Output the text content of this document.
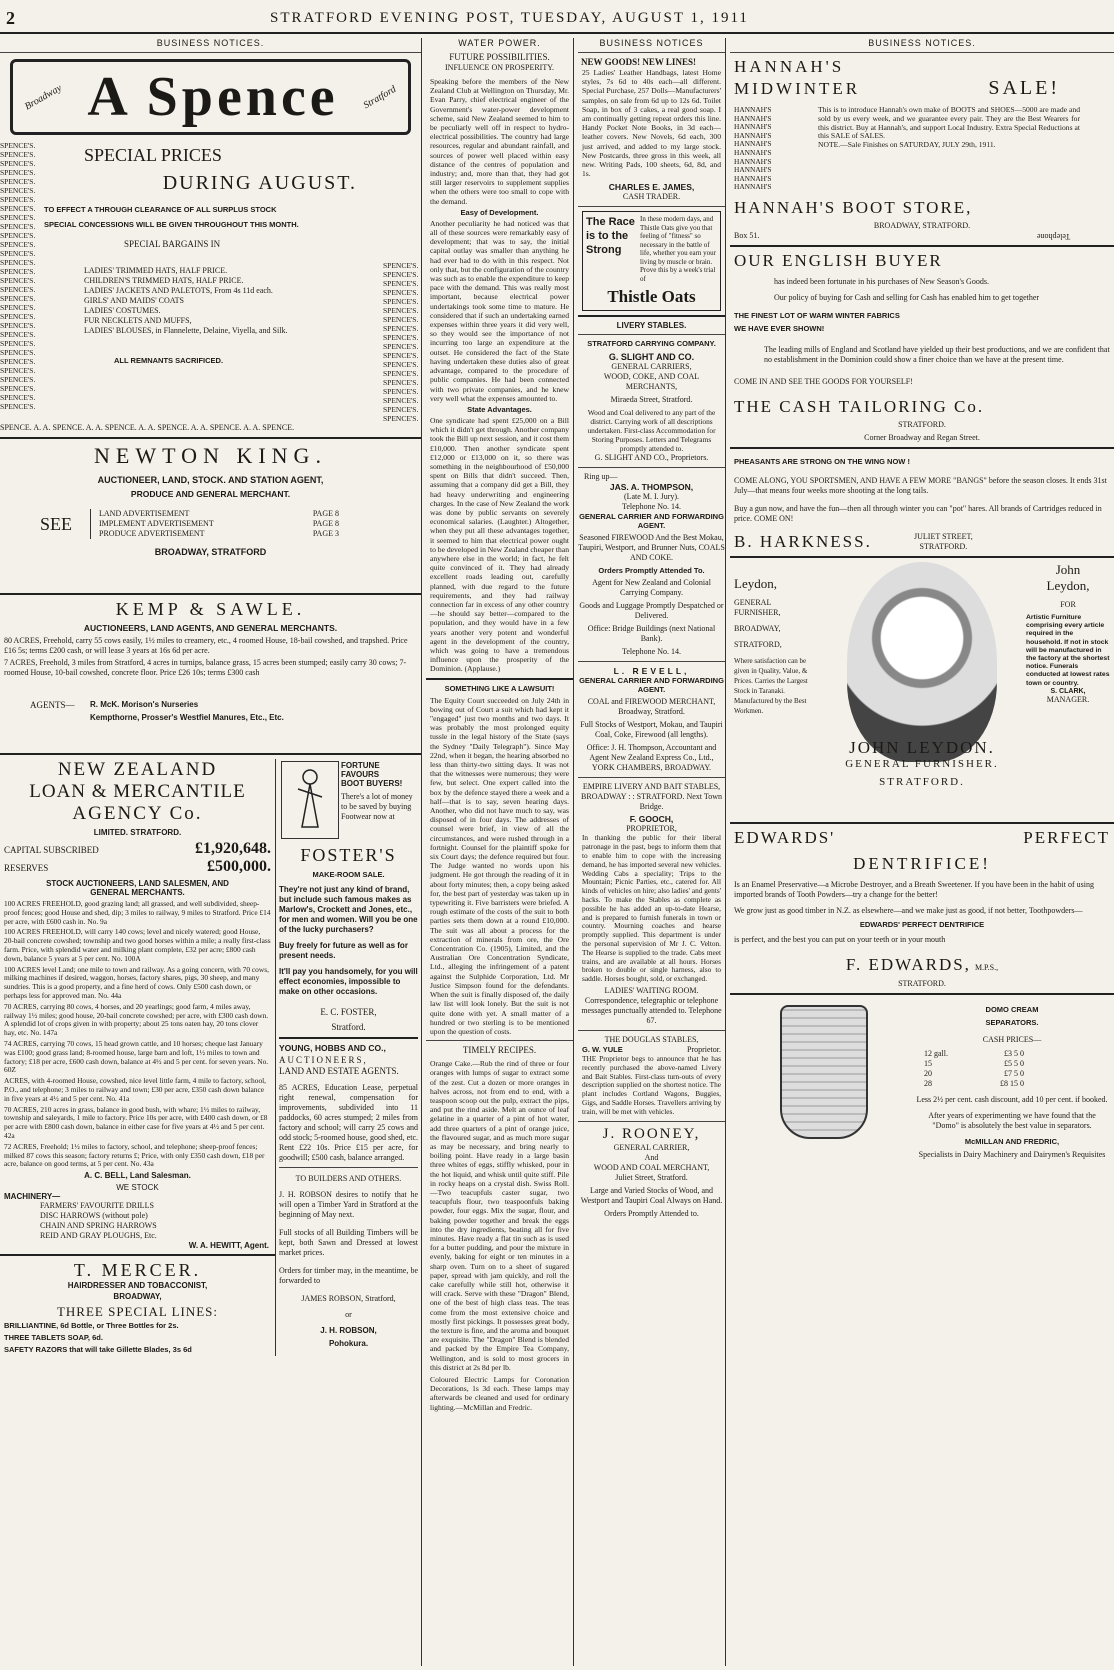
2	STRATFORD EVENING POST, TUESDAY, AUGUST 1, 1911
BUSINESS NOTICES.
Broadway A Spence Stratford
SPENCE'S.
SPENCE'S.
SPENCE'S.
SPENCE'S.
SPENCE'S.
SPENCE'S.
SPENCE'S.
SPENCE'S.
SPENCE'S.
SPENCE'S.
SPENCE'S.
SPENCE'S.
SPENCE'S.
SPENCE'S.
SPENCE'S.
SPENCE'S.
SPENCE'S.
SPENCE'S.
SPENCE'S.
SPENCE'S.
SPENCE'S.
SPENCE'S.
SPENCE'S.
SPENCE'S.
SPENCE'S.
SPENCE'S.
SPENCE'S.
SPENCE'S.
SPENCE'S.
SPENCE'S.
SPECIAL PRICES
DURING AUGUST.
TO EFFECT A THROUGH CLEARANCE OF ALL SURPLUS STOCK
SPECIAL CONCESSIONS WILL BE GIVEN THROUGHOUT THIS MONTH.
SPECIAL BARGAINS IN
LADIES' TRIMMED HATS, HALF PRICE.
CHILDREN'S TRIMMED HATS, HALF PRICE.
LADIES' JACKETS AND PALETOTS, From 4s 11d each.
GIRLS' AND MAIDS' COATS
LADIES' COSTUMES.
FUR NECKLETS AND MUFFS,
LADIES' BLOUSES, in Flannelette, Delaine, Viyella, and Silk.
ALL REMNANTS SACRIFICED.
SPENCE'S.
SPENCE'S.
SPENCE'S.
SPENCE'S.
SPENCE'S.
SPENCE'S.
SPENCE'S.
SPENCE'S.
SPENCE'S.
SPENCE'S.
SPENCE'S.
SPENCE'S.
SPENCE'S.
SPENCE'S.
SPENCE'S.
SPENCE'S.
SPENCE'S.
SPENCE'S.
SPENCE. A. A. SPENCE. A. A. SPENCE. A. A. SPENCE. A. A. SPENCE. A. A. SPENCE.
NEWTON KING.
AUCTIONEER, LAND, STOCK. AND STATION AGENT,
PRODUCE AND GENERAL MERCHANT.
SEE	LAND ADVERTISEMENT	PAGE 8
IMPLEMENT ADVERTISEMENT	PAGE 8
PRODUCE ADVERTISEMENT	PAGE 3
BROADWAY, STRATFORD
KEMP & SAWLE.
AUCTIONEERS, LAND AGENTS, AND GENERAL MERCHANTS.
80 ACRES, Freehold, carry 55 cows easily, 1½ miles to creamery, etc., 4 roomed House, 18-bail cowshed, and trapshed. Price £16 5s; terms £200 cash, or will lease 3 years at 16s 6d per acre.
7 ACRES, Freehold, 3 miles from Stratford, 4 acres in turnips, balance grass, 15 acres been stumped; easily carry 30 cows; 7-roomed House, 10-bail cowshed, concrete floor. Price £26 10s; terms £300 cash
AGENTS—	R. McK. Morison's Nurseries
Kempthorne, Prosser's Westfiel Manures, Etc., Etc.
NEW ZEALAND
LOAN & MERCANTILE
AGENCY Co.
LIMITED. STRATFORD.
CAPITAL SUBSCRIBED	£1,920,648.
RESERVES	£500,000.
STOCK AUCTIONEERS, LAND SALESMEN, AND
GENERAL MERCHANTS.
100 ACRES FREEHOLD, good grazing land; all grassed, and well subdivided, sheep-proof fences; good House and shed, dip; 3 miles to railway, 9 miles to Stratford. Price £14 per acre, with £600 cash in. No. 9a
100 ACRES FREEHOLD, will carry 140 cows; level and nicely watered; good House, 20-bail concrete cowshed; township and two good horses within a mile; a really first-class farm. Price, with splendid water and milking plant complete, £32 per acre; £800 cash down, balance 5 years at 5 per cent. No. 100A
100 ACRES level Land; one mile to town and railway. As a going concern, with 70 cows, milking machines if desired, waggon, horses, factory shares, pigs, 30 sheep, and many sundries. This is a good property, and a fine herd of cows. Only £500 cash down, or perhaps less for approved man. No. 44a
70 ACRES, carrying 80 cows, 4 horses, and 20 yearlings; good farm, 4 miles away, railway 1½ miles; good house, 20-bail concrete cowshed; per acre, with £300 cash down. A splendid lot of crops given in with property; about 25 tons oaten hay, 20 tons clover hay, etc. No. 147a
74 ACRES, carrying 70 cows, 15 head grown cattle, and 10 horses; cheque last January was £100; good grass land; 8-roomed house, large barn and loft, 1½ miles to town and factory; £18 per acre, £600 cash down, balance at 4½ and 5 per cent. for seven years. No. 60Z
ACRES, with 4-roomed House, cowshed, nice level little farm, 4 mile to factory, school, P.O., and telephone; 3 miles to railway and town; £30 per acre, £350 cash down balance in five years at 4½ and 5 per cent. No. 41a
70 ACRES, 210 acres in grass, balance in good bush, with whare; 1½ miles to railway, township and saleyards, 1 mile to factory. Price 10s per acre, with £400 cash down, or £8 per acre with £800 cash down, balance in either case for five years at 4½ and 5 per cent. 42a
72 ACRES, Freehold; 1½ miles to factory, school, and telephone; sheep-proof fences; milked 87 cows this season; factory returns £; Price, with only £350 cash down, £18 per acre, balance on good terms, at 5 per cent. No. 43a
A. C. BELL, Land Salesman.
WE STOCK
MACHINERY—
FARMERS' FAVOURITE DRILLS
DISC HARROWS (without pole)
CHAIN AND SPRING HARROWS
REID AND GRAY PLOUGHS, Etc.
W. A. HEWITT, Agent.
T. MERCER.
HAIRDRESSER AND TOBACCONIST,
BROADWAY,
THREE SPECIAL LINES:
BRILLIANTINE, 6d Bottle, or Three Bottles for 2s.
THREE TABLETS SOAP, 6d.
SAFETY RAZORS that will take Gillette Blades, 3s 6d
FORTUNE
FAVOURS
BOOT BUYERS!
There's a lot of money to be saved by buying Footwear now at
FOSTER'S
MAKE-ROOM SALE.
They're not just any kind of brand, but include such famous makes as Marlow's, Crockett and Jones, etc., for men and women. Will you be one of the lucky purchasers?
Buy freely for future as well as for present needs.
It'll pay you handsomely, for you will effect economies, impossible to make on other occasions.
E. C. FOSTER,
Stratford.
YOUNG, HOBBS AND CO.,
AUCTIONEERS,
LAND AND ESTATE AGENTS.
85 ACRES, Education Lease, perpetual right renewal, compensation for improvements, subdivided into 11 paddocks, 60 acres stumped; 2 miles from factory and school; will carry 25 cows and odd stock; 5-roomed house, good shed, etc. Rent £22 10s. Price £15 per acre, for goodwill; £500 cash, balance arranged.
TO BUILDERS AND OTHERS.
J. H. ROBSON desires to notify that he will open a Timber Yard in Stratford at the beginning of May next.
Full stocks of all Building Timbers will be kept, both Sawn and Dressed at lowest market prices.
Orders for timber may, in the meantime, be forwarded to
JAMES ROBSON, Stratford,
or
J. H. ROBSON,
Pohokura.
WATER POWER.
FUTURE POSSIBILITIES.
INFLUENCE ON PROSPERITY.
Speaking before the members of the New Zealand Club at Wellington on Thursday, Mr. Evan Parry, chief electrical engineer of the Government's water-power development scheme, said New Zealand seemed to him to be peculiarly well off in respect to hydro-electrical possibilities. The country had large resources, regular and abundant rainfall, and sources of power well placed within easy distance of the centres of population and industry; and, more than that, they had got still larger reservoirs to supplement supplies when the others were too small to cope with the demand.
Easy of Development.
Another peculiarity he had noticed was that all of these sources were remarkably easy of development; that was to say, the initial capital outlay was smaller than anything he had ever had to do with in this respect. Not only that, but the configuration of the country was such as to enable the expenditure to keep pace with the demand. This was really most important, because electrical power undertakings took some time to mature. He considered that if such an undertaking earned expenses within three years it did very well, so they would see the importance of not incurring too large an expenditure at the outset. He considered the fact of the State having undertaken these duties also of great advantage, compared to the procedure of public companies. He had been connected with two private companies, and he knew very well what the expenses amounted to.
State Advantages.
One syndicate had spent £25,000 on a Bill which it didn't get through. Another company took the Bill up next session, and it cost them £10,000. Then another syndicate spent £12,000 or £13,000 on it, so there was something in the neighbourhood of £50,000 spent on Bills that didn't succeed. Then, assuming that a company did get a Bill, they had heavy underwriting and engineering charges. In the case of New Zealand the work was done by public servants on severely economical salaries. (Laughter.) Altogether, when they put all these advantages together, it seemed to him that electrical power ought to be developed in New Zealand cheaper than anywhere else in the world; in fact, he felt quite convinced of it. They had already excellent roads leading out, carefully planned, with due regard to the future requirements, and they had railway connection far in excess of any other country—he should say better—compared to the population, and they would have in a few years another very potent and wonderful agent in the development of the country, which was going to have a tremendous influence upon the prosperity of the Dominion. (Applause.)
SOMETHING LIKE A LAWSUIT!
The Equity Court succeeded on July 24th in bowing out of Court a suit which had kept it "engaged" just two months and two days. It was probably the most prolonged equity tussle in the legal history of the State (says the Sydney "Daily Telegraph"). Since May 22nd, when it began, the hearing absorbed no less than thirty-two sitting days. It was not that the witnesses were numerous; they were few, but select. One expert called into the box by the defence stayed there a week and a half—that is to say, seven hearing days. Another, who did not have much to say, was disposed of in four days. The addresses of counsel were brief, in view of all the circumstances, and were rushed through in a fortnight. Counsel for the plaintiff spoke for six Court days; the defence required but four. The Judge wanted no words upon his judgment. He got through the reading of it in about forty minutes; then, a copy being asked for, the best part of yesterday was taken up in typewriting it. Five barristers were briefed. A rough estimate of the costs of the suit to both parties sets them down at a round £10,000. The suit was all about a process for the extraction of minerals from ore, the Ore Concentration Co. (1905), Limited, and the Australian Ore Concentration Syndicate, Ltd., alleging the infringement of a patent against the Sulphide Corporation, Ltd. Mr Justice Simpson found for the defendants. When the suit is finally disposed of, the daily law list will look lonely. But the suit is not quite done with yet. A small matter of a hundred or two sterling is to be mentioned upon the question of costs.
TIMELY RECIPES.
Orange Cake.—Rub the rind of three or four oranges with lumps of sugar to extract some of the zest. Cut a dozen or more oranges in halves across, not from end to end, with a teaspoon scoop out the pulp, extract the pips, and put the rind aside. Melt an ounce of leaf gelatine in a quarter of a pint of hot water, add three quarters of a pint of orange juice, the flavoured sugar, and as much more sugar as may be necessary, and bring nearly to boiling point. Have ready in a large basin three whites of eggs, stiffly whisked, pour in the hot liquid, and whisk until quite stiff. Pile in rocky heaps on a crystal dish. Swiss Roll.—Two teacupfuls caster sugar, two teacupfuls flour, two teaspoonfuls baking powder, four eggs. Mix the sugar, flour, and baking powder together and break the eggs into the dry ingredients, beating all for five minutes. Have ready a flat tin such as is used for a butter pudding, and pour the mixture in evenly, baking for eight or ten minutes in a sharp oven. Turn on to a sheet of sugared paper, spread with jam quickly, and roll the cake carefully while still hot, otherwise it will crack. Serve with these "Dragon" Blend, one of the best of high class teas. The teas come from the most extensive choice and mostly first pickings. It possesses great body, the texture is fine, and the aroma and bouquet are exquisite. The "Dragon" Blend is blended and packed by the Empire Tea Company, Wellington, and is sold to most grocers in this district at 2s 8d per lb.
Coloured Electric Lamps for Coronation Decorations, 1s 3d each. These lamps may afterwards be cleaned and used for ordinary lighting.—McMillan and Fredric.
BUSINESS NOTICES
NEW GOODS! NEW LINES!
25 Ladies' Leather Handbags, latest Home styles, 7s 6d to 40s each—all different. Special Purchase, 257 Dolls—Manufacturers' samples, on sale from 6d up to 12s 6d. Toilet Soap, in box of 3 cakes, a real good soap. I am continually getting repeat orders this line. Handy Pocket Note Books, in 3d each—leather covers. New Novels, 6d each, 300 just arrived, and added to my large stock. New Postcards, three gross in this week, all new. Writing Pads, 100 sheets, 6d, 8d, and 1s.
CHARLES E. JAMES,
CASH TRADER.
The Race
is to the
Strong
In these modern days, and Thistle Oats give you that feeling of "fitness" so necessary in the battle of life, whether you earn your living by muscle or brain. Prove this by a week's trial of
Thistle Oats
LIVERY STABLES.
STRATFORD CARRYING COMPANY.
G. SLIGHT AND CO.
GENERAL CARRIERS,
WOOD, COKE, AND COAL MERCHANTS,
Miraeda Street, Stratford.
Wood and Coal delivered to any part of the district. Carrying work of all descriptions undertaken. First-class Accommodation for Storing Purposes. Letters and Telegrams promptly attended to.
G. SLIGHT AND CO., Proprietors.
Ring up—
JAS. A. THOMPSON,
(Late M. I. Jury).
Telephone No. 14.
GENERAL CARRIER AND FORWARDING AGENT.
Seasoned FIREWOOD And the Best Mokau, Taupiri, Westport, and Brunner Nuts, COALS AND COKE.
Orders Promptly Attended To.
Agent for New Zealand and Colonial Carrying Company.
Goods and Luggage Promptly Despatched or Delivered.
Office: Bridge Buildings (next National Bank).
Telephone No. 14.
L. REVELL,
GENERAL CARRIER AND FORWARDING AGENT.
COAL and FIREWOOD MERCHANT, Broadway, Stratford.
Full Stocks of Westport, Mokau, and Taupiri Coal, Coke, Firewood (all lengths).
Office: J. H. Thompson, Accountant and Agent New Zealand Express Co., Ltd.,
YORK CHAMBERS, BROADWAY.
EMPIRE LIVERY AND BAIT STABLES,
BROADWAY : : STRATFORD. Next Town Bridge.
F. GOOCH,
PROPRIETOR,
In thanking the public for their liberal patronage in the past, begs to inform them that to enable him to cope with the increasing demand, he has imported several new vehicles. Wedding Cabs a speciality; Trips to the Mountain; Picnic Parties, etc., catered for. All kinds of vehicles on hire; also ladies' and gents' hacks. To make the Stables as complete as possible he has added an up-to-date Hearse, and is prepared to furnish funerals in town or country. Mourning coaches and hearse promptly supplied. This department is under the personal supervision of Mr J. C. Velton. The Hearse is supplied to the trade. Cabs meet trains, and are available at all hours. Horses broken to double or single harness, also to saddle. Horses bought, sold, or exchanged.
LADIES' WAITING ROOM.
Correspondence, telegraphic or telephone messages punctually attended to. Telephone 67.
THE DOUGLAS STABLES,
G. W. YULE	Proprietor.
THE Proprietor begs to announce that he has recently purchased the above-named Livery and Bait Stables. First-class turn-outs of every description supplied on the shortest notice. The plant includes Cortland Wagons, Buggies, Gigs, and Saddle Horses. Travellers arriving by train, will be met with vehicles.
J. ROONEY,
GENERAL CARRIER,
And
WOOD AND COAL MERCHANT,
Juliet Street, Stratford.
Large and Varied Stocks of Wood, and Westport and Taupiri Coal Always on Hand.
Orders Promptly Attended to.
BUSINESS NOTICES.
HANNAH'S
MIDWINTER	SALE!
HANNAH'S
HANNAH'S
HANNAH'S
HANNAH'S
HANNAH'S
HANNAH'S
HANNAH'S
HANNAH'S
HANNAH'S
HANNAH'S
This is to introduce Hannah's own make of BOOTS and SHOES—5000 are made and sold by us every week, and we guarantee every pair. They are the Best Wearers for this district. Buy at Hannah's, and support Local Industry. Extra Special Reductions at this SALE of SALES.
NOTE.—Sale Finishes on SATURDAY, JULY 29th, 1911.
HANNAH'S BOOT STORE,
BROADWAY, STRATFORD.
Box 51.	Telephone
OUR ENGLISH BUYER
has indeed been fortunate in his purchases of New Season's Goods.
Our policy of buying for Cash and selling for Cash has enabled him to get together
THE FINEST LOT OF WARM WINTER FABRICS
WE HAVE EVER SHOWN!
The leading mills of England and Scotland have yielded up their best productions, and we are confident that no establishment in the Dominion could show a finer choice than we have at the present time.
COME IN AND SEE THE GOODS FOR YOURSELF!
THE CASH TAILORING Co.
STRATFORD.
Corner Broadway and Regan Street.
PHEASANTS ARE STRONG ON THE WING NOW !
COME ALONG, YOU SPORTSMEN, AND HAVE A FEW MORE "BANGS" before the season closes. It ends 31st July—that means four weeks more shooting at the long tails.
Buy a gun now, and have the fun—then all through winter you can "pot" hares. All brands of Cartridges reduced in price. COME ON!
B. HARKNESS.	JULIET STREET,
STRATFORD.
Leydon,
GENERAL FURNISHER,
BROADWAY,
STRATFORD,
Where satisfaction can be given in Quality, Value, & Prices. Carries the Largest Stock in Taranaki. Manufactured by the Best Workmen.
John
Leydon,
FOR
Artistic Furniture comprising every article required in the household. If not in stock will be manufactured in the factory at the shortest notice. Funerals conducted at lowest rates town or country.
S. CLARK,
MANAGER.
JOHN LEYDON.
GENERAL FURNISHER.
STRATFORD.
EDWARDS'	PERFECT
DENTRIFICE!
Is an Enamel Preservative—a Microbe Destroyer, and a Breath Sweetener. If you have been in the habit of using imported brands of Tooth Powders—try a change for the better!
We grow just as good timber in N.Z. as elsewhere—and we make just as good, if not better, Toothpowders—
EDWARDS' PERFECT DENTRIFICE
is perfect, and the best you can put on your teeth or in your mouth
F. EDWARDS, M.P.S.,
STRATFORD.
DOMO CREAM
SEPARATORS.
CASH PRICES—
12 gall.	£3 5 0
15	£5 5 0
20	£7 5 0
28	£8 15 0
Less 2½ per cent. cash discount, add 10 per cent. if booked.
After years of experimenting we have found that the "Domo" is absolutely the best value in separators.
McMILLAN AND FREDRIC,
Specialists in Dairy Machinery and Dairymen's Requisites
